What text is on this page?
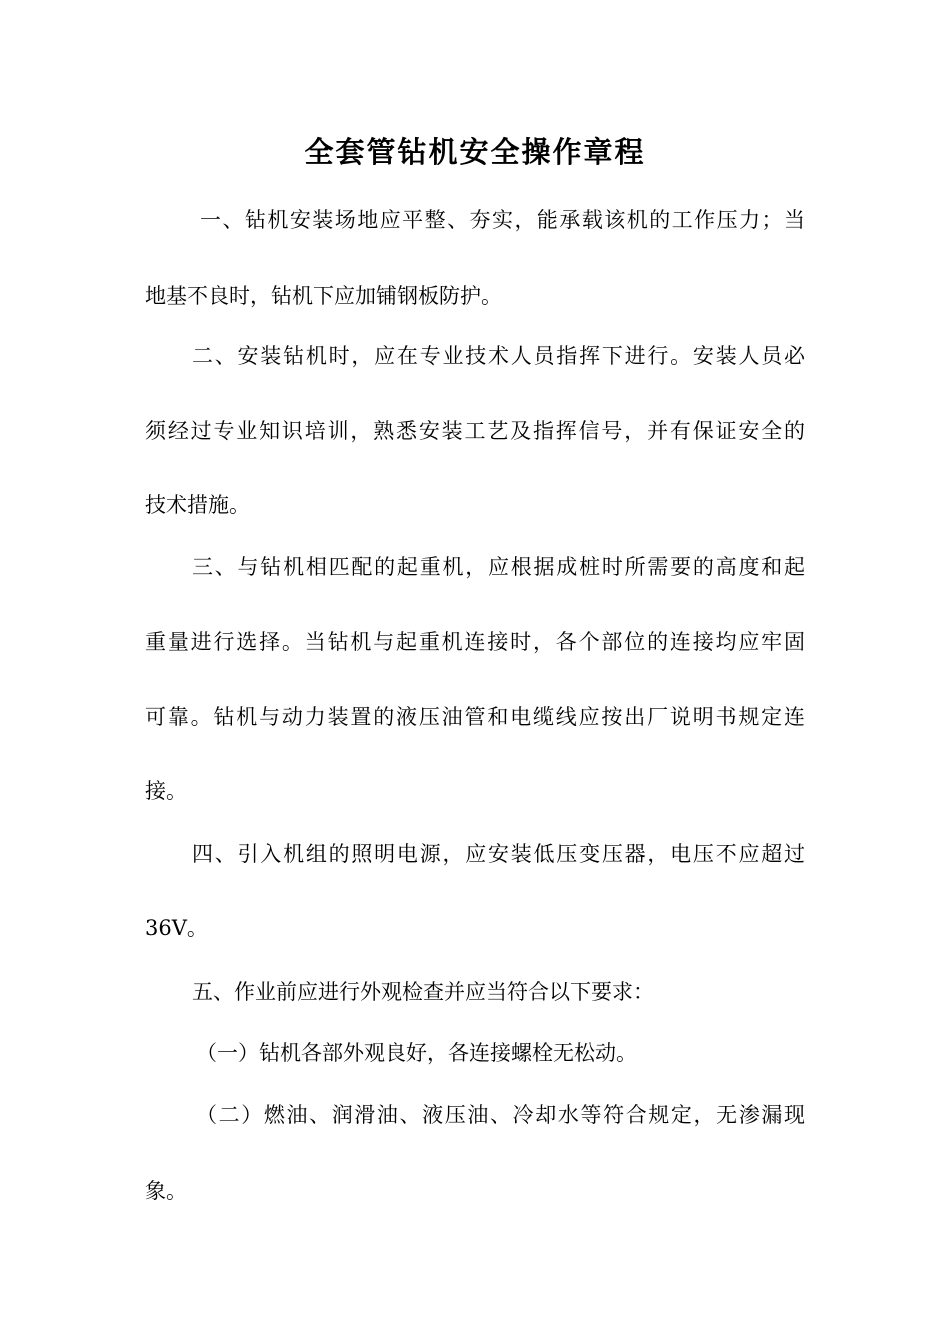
全套管钻机安全操作章程
一、钻机安装场地应平整、夯实，能承载该机的工作压力；当
地基不良时，钻机下应加铺钢板防护。
二、安装钻机时，应在专业技术人员指挥下进行。安装人员必
须经过专业知识培训，熟悉安装工艺及指挥信号，并有保证安全的
技术措施。
三、与钻机相匹配的起重机，应根据成桩时所需要的高度和起
重量进行选择。当钻机与起重机连接时，各个部位的连接均应牢固
可靠。钻机与动力装置的液压油管和电缆线应按出厂说明书规定连
接。
四、引入机组的照明电源，应安装低压变压器，电压不应超过
36V。
五、作业前应进行外观检查并应当符合以下要求：
（一）钻机各部外观良好，各连接螺栓无松动。
（二）燃油、润滑油、液压油、冷却水等符合规定，无渗漏现
象。
